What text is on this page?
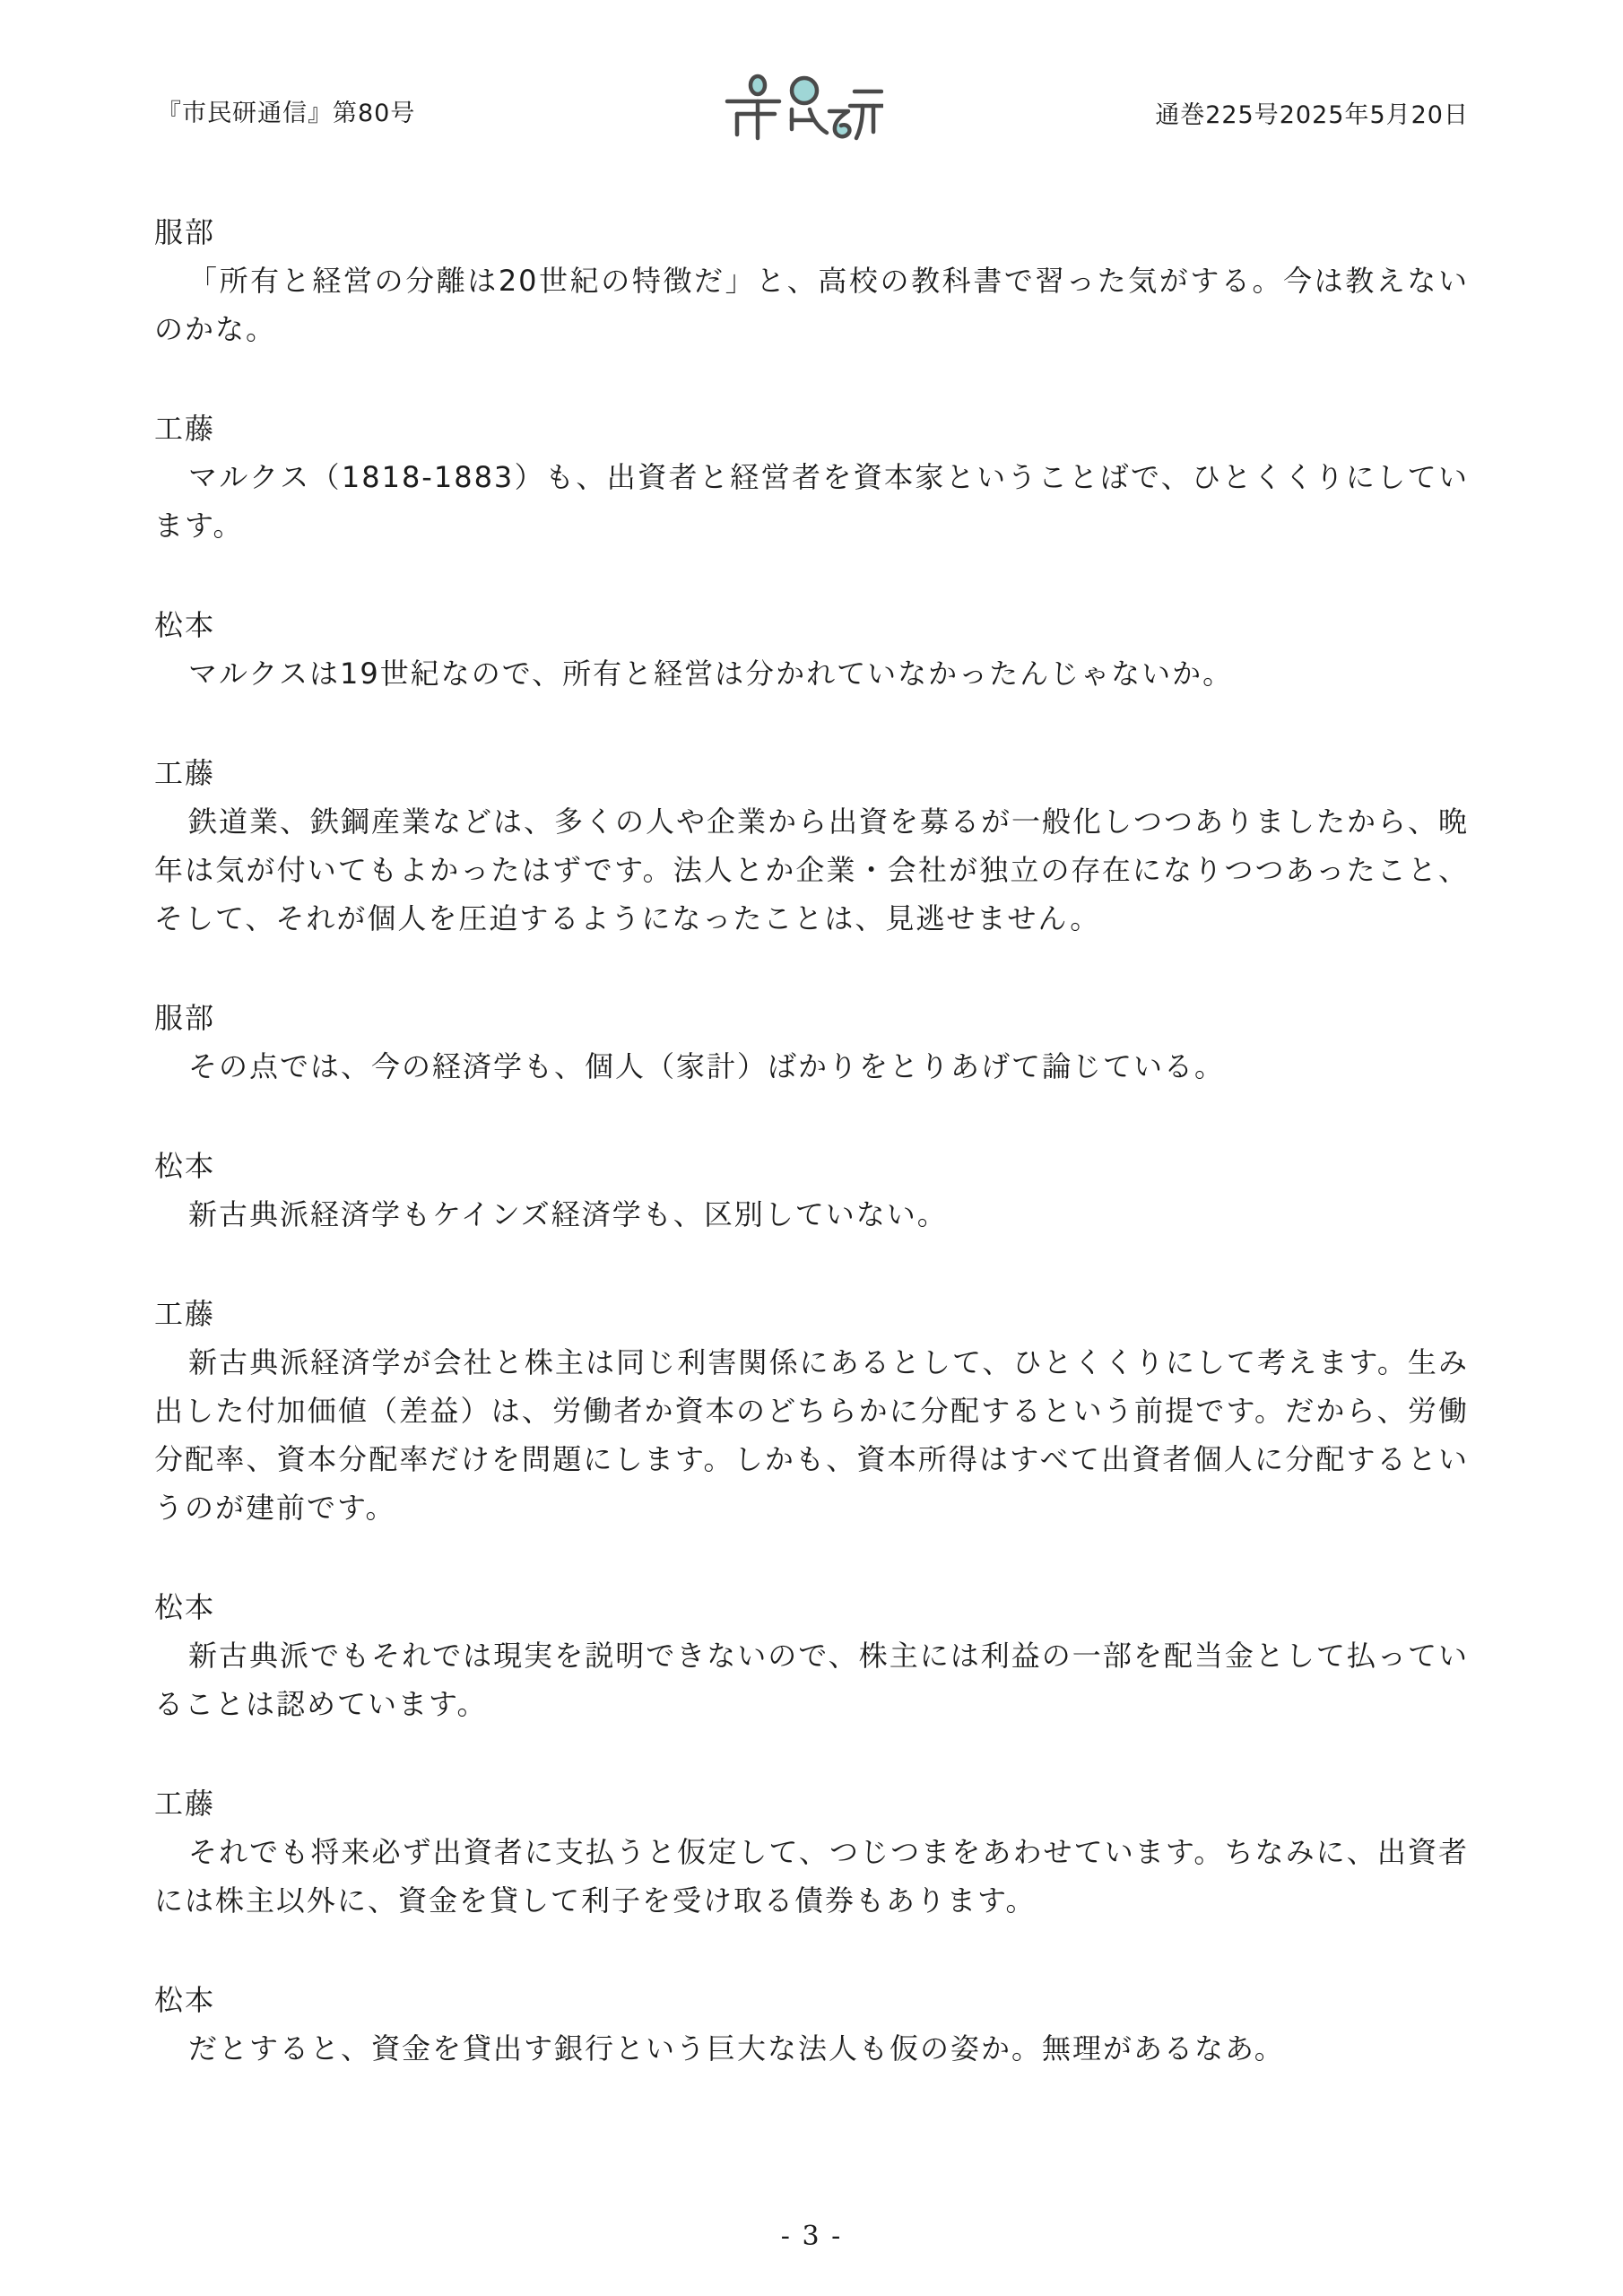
『市民研通信』第80号	通巻225号2025年5月20日
服部
「所有と経営の分離は20世紀の特徴だ」と、高校の教科書で習った気がする。今は教えないのかな。
工藤
マルクス（1818-1883）も、出資者と経営者を資本家ということばで、ひとくくりにしています。
松本
マルクスは19世紀なので、所有と経営は分かれていなかったんじゃないか。
工藤
鉄道業、鉄鋼産業などは、多くの人や企業から出資を募るが一般化しつつありましたから、晩年は気が付いてもよかったはずです。法人とか企業・会社が独立の存在になりつつあったこと、そして、それが個人を圧迫するようになったことは、見逃せません。
服部
その点では、今の経済学も、個人（家計）ばかりをとりあげて論じている。
松本
新古典派経済学もケインズ経済学も、区別していない。
工藤
新古典派経済学が会社と株主は同じ利害関係にあるとして、ひとくくりにして考えます。生み出した付加価値（差益）は、労働者か資本のどちらかに分配するという前提です。だから、労働分配率、資本分配率だけを問題にします。しかも、資本所得はすべて出資者個人に分配するというのが建前です。
松本
新古典派でもそれでは現実を説明できないので、株主には利益の一部を配当金として払っていることは認めています。
工藤
それでも将来必ず出資者に支払うと仮定して、つじつまをあわせています。ちなみに、出資者には株主以外に、資金を貸して利子を受け取る債券もあります。
松本
だとすると、資金を貸出す銀行という巨大な法人も仮の姿か。無理があるなあ。
- 3 -
